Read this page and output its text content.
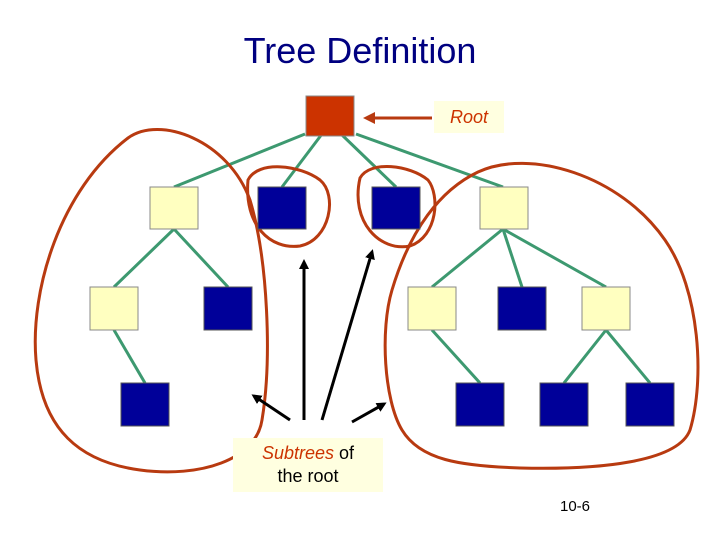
Tree Definition
Root
Subtrees of
the root
10-6
